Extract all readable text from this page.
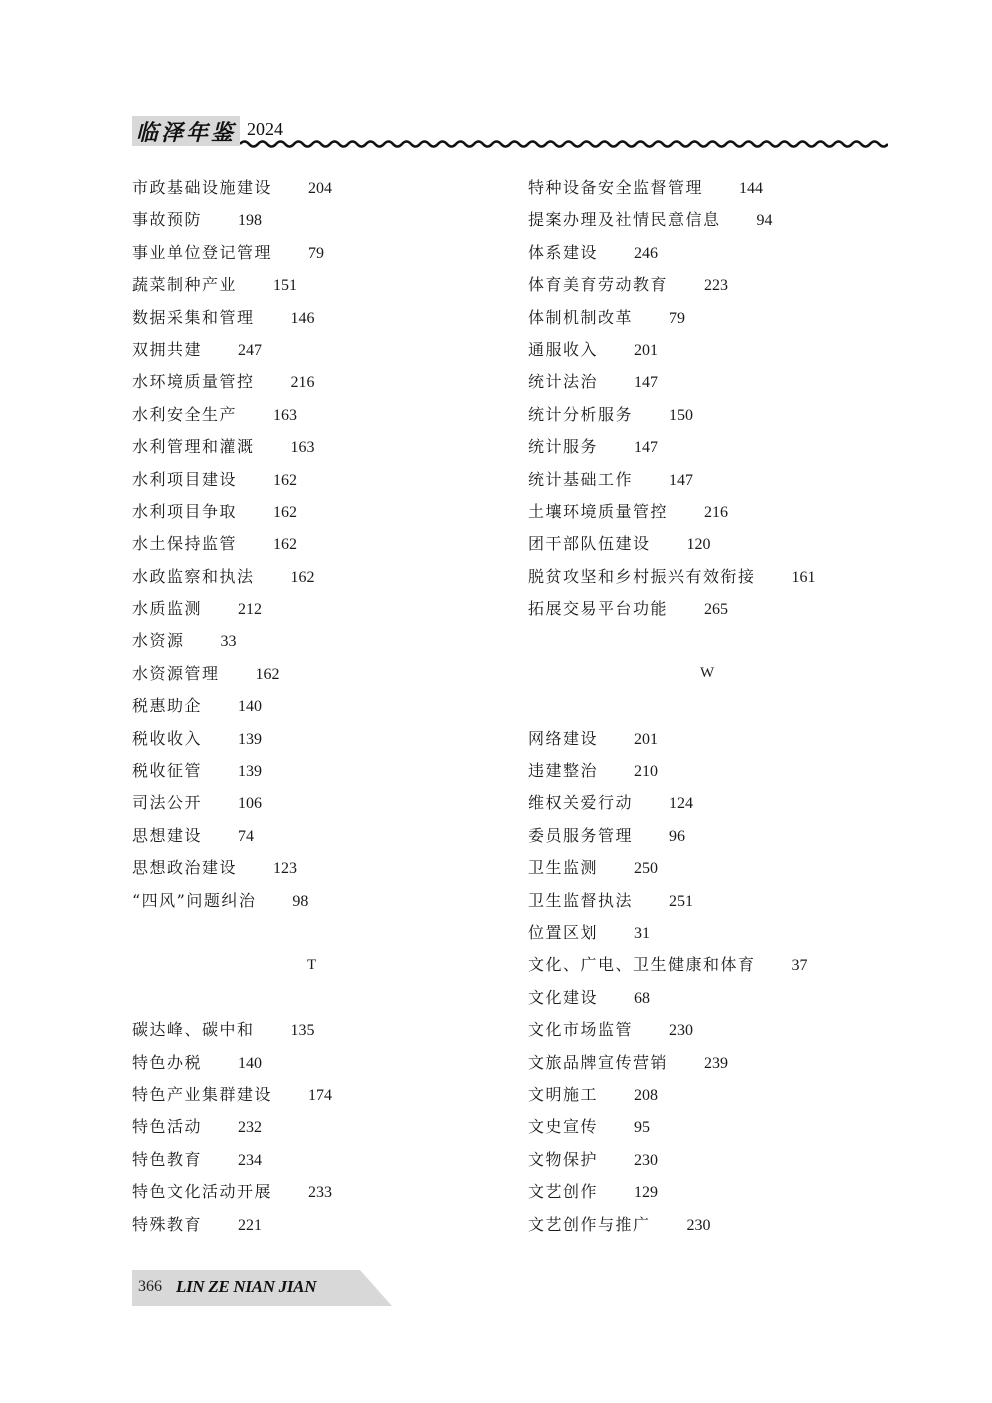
临泽年鉴 2024
市政基础设施建设 204
事故预防 198
事业单位登记管理 79
蔬菜制种产业 151
数据采集和管理 146
双拥共建 247
水环境质量管控 216
水利安全生产 163
水利管理和灌溉 163
水利项目建设 162
水利项目争取 162
水土保持监管 162
水政监察和执法 162
水质监测 212
水资源 33
水资源管理 162
税惠助企 140
税收收入 139
税收征管 139
司法公开 106
思想建设 74
思想政治建设 123
“四风”问题纠治 98
T
碳达峰、碳中和 135
特色办税 140
特色产业集群建设 174
特色活动 232
特色教育 234
特色文化活动开展 233
特殊教育 221
特种设备安全监督管理 144
提案办理及社情民意信息 94
体系建设 246
体育美育劳动教育 223
体制机制改革 79
通服收入 201
统计法治 147
统计分析服务 150
统计服务 147
统计基础工作 147
土壤环境质量管控 216
团干部队伍建设 120
脱贫攻坚和乡村振兴有效衔接 161
拓展交易平台功能 265
W
网络建设 201
违建整治 210
维权关爱行动 124
委员服务管理 96
卫生监测 250
卫生监督执法 251
位置区划 31
文化、广电、卫生健康和体育 37
文化建设 68
文化市场监管 230
文旅品牌宣传营销 239
文明施工 208
文史宣传 95
文物保护 230
文艺创作 129
文艺创作与推广 230
366 LIN ZE NIAN JIAN
